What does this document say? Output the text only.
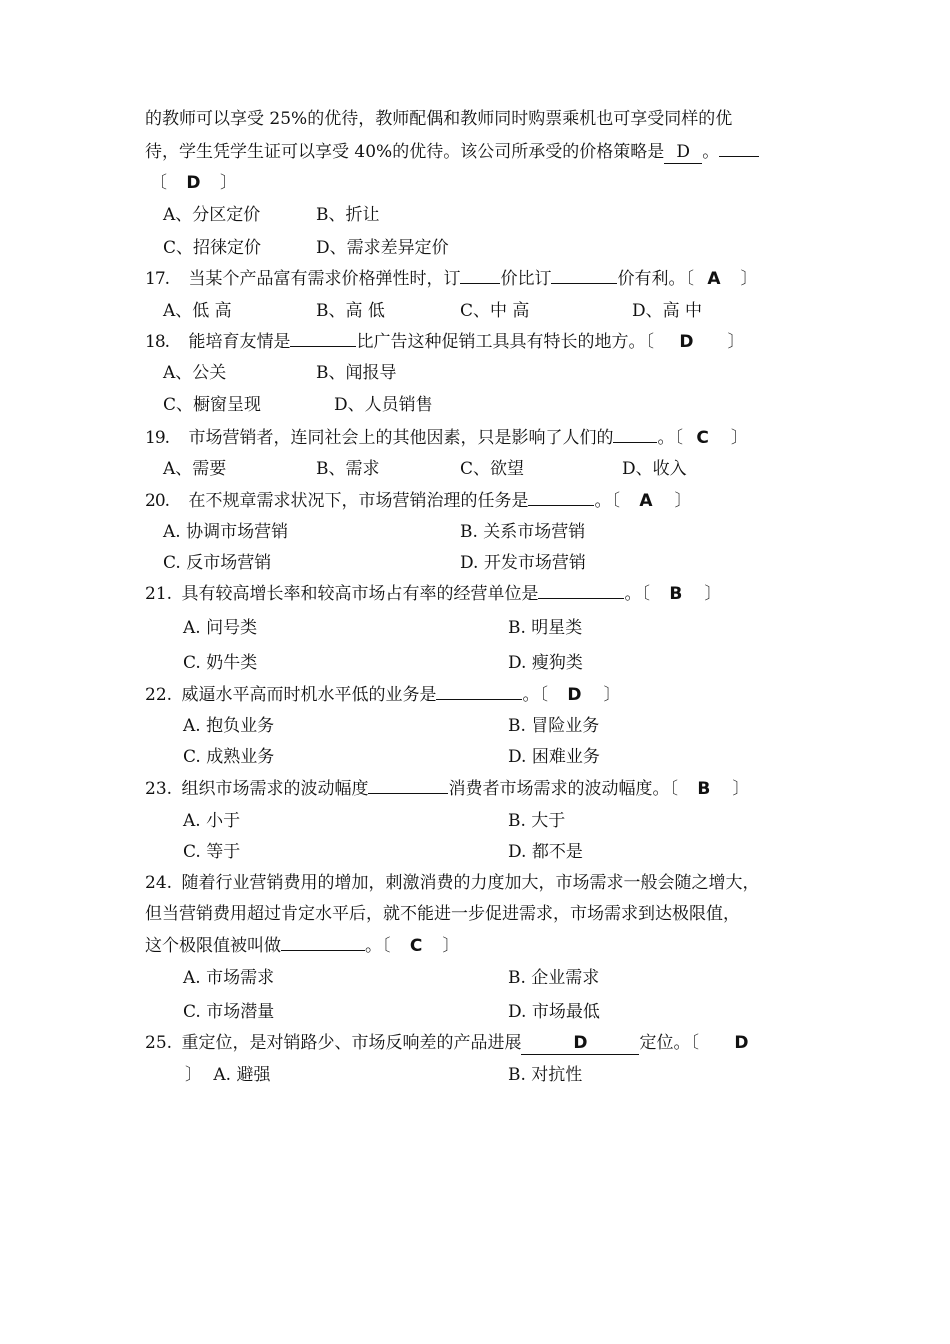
的教师可以享受 25%的优待，教师配偶和教师同时购票乘机也可享受同样的优
待，学生凭学生证可以享受 40%的优待。该公司所承受的价格策略是 D 。
〔 D 〕
A、分区定价	B、折让
C、招徕定价	D、需求差异定价
17. 当某个产品富有需求价格弹性时，订 价比订	价有利。〔 A 〕
A、低 高	B、高 低	C、中 高	D、高 中
18. 能培育友情是	比广告这种促销工具具有特长的地方。〔 D 〕
A、公关	B、闻报导
C、橱窗呈现	D、人员销售
19. 市场营销者，连同社会上的其他因素，只是影响了人们的	。〔 C 〕
A、需要	B、需求	C、欲望	D、收入
20. 在不规章需求状况下，市场营销治理的任务是	。〔 A 〕
A. 协调市场营销	B. 关系市场营销
C. 反市场营销	D. 开发市场营销
21. 具有较高增长率和较高市场占有率的经营单位是	。〔 B 〕
A. 问号类	B. 明星类
C. 奶牛类	D. 瘦狗类
22. 威逼水平高而时机水平低的业务是	。〔 D 〕
A. 抱负业务	B. 冒险业务
C. 成熟业务	D. 困难业务
23. 组织市场需求的波动幅度	消费者市场需求的波动幅度。〔 B 〕
A. 小于	B. 大于
C. 等于	D. 都不是
24. 随着行业营销费用的增加，刺激消费的力度加大，市场需求一般会随之增大，
但当营销费用超过肯定水平后，就不能进一步促进需求，市场需求到达极限值，
这个极限值被叫做	。〔 C 〕
A. 市场需求	B. 企业需求
C. 市场潜量	D. 市场最低
25. 重定位，是对销路少、市场反响差的产品进展	D	定位。〔 D
〕 A. 避强	B. 对抗性
